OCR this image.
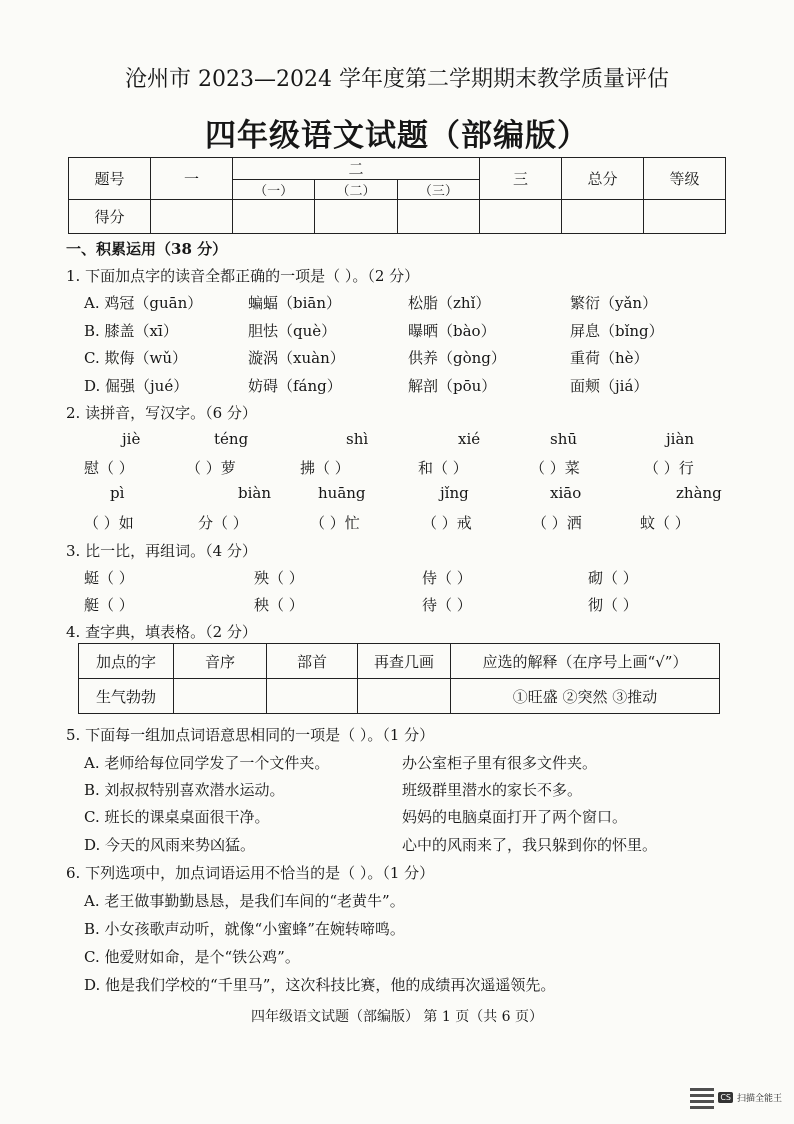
沧州市 2023—2024 学年度第二学期期末教学质量评估
四年级语文试题（部编版）
题号	一	二			三	总分	等级
		（一）	（二）	（三）			
得分							
一、积累运用（38 分）
1. 下面加点字的读音全都正确的一项是（ ）。（2 分）
A. 鸡冠（guān）	蝙蝠（biān）	松脂（zhǐ）	繁衍（yǎn）
B. 膝盖（xī）	胆怯（què）	曝晒（bào）	屏息（bǐng）
C. 欺侮（wǔ）	漩涡（xuàn）	供养（gòng）	重荷（hè）
D. 倔强（jué）	妨碍（fáng）	解剖（pōu）	面颊（jiá）
2. 读拼音，写汉字。（6 分）
jiè	téng	shì	xié	shū	jiàn
慰（ ）	（ ）萝	拂（ ）	和（ ）	（ ）菜	（ ）行
pì	biàn	huāng	jǐng	xiāo	zhàng
（ ）如	分（ ）	（ ）忙	（ ）戒	（ ）洒	蚊（ ）
3. 比一比，再组词。（4 分）
蜓（ ）	殃（ ）	侍（ ）	砌（ ）
艇（ ）	秧（ ）	待（ ）	彻（ ）
4. 查字典，填表格。（2 分）
加点的字	音序	部首	再查几画	应选的解释（在序号上画“√”）
生气勃勃				①旺盛 ②突然 ③推动
5. 下面每一组加点词语意思相同的一项是（ ）。（1 分）
A. 老师给每位同学发了一个文件夹。	办公室柜子里有很多文件夹。
B. 刘叔叔特别喜欢潜水运动。	班级群里潜水的家长不多。
C. 班长的课桌桌面很干净。	妈妈的电脑桌面打开了两个窗口。
D. 今天的风雨来势凶猛。	心中的风雨来了，我只躲到你的怀里。
6. 下列选项中，加点词语运用不恰当的是（ ）。（1 分）
A. 老王做事勤勤恳恳，是我们车间的“老黄牛”。
B. 小女孩歌声动听，就像“小蜜蜂”在婉转啼鸣。
C. 他爱财如命，是个“铁公鸡”。
D. 他是我们学校的“千里马”，这次科技比赛，他的成绩再次遥遥领先。
四年级语文试题（部编版） 第 1 页（共 6 页）
CS 扫描全能王
